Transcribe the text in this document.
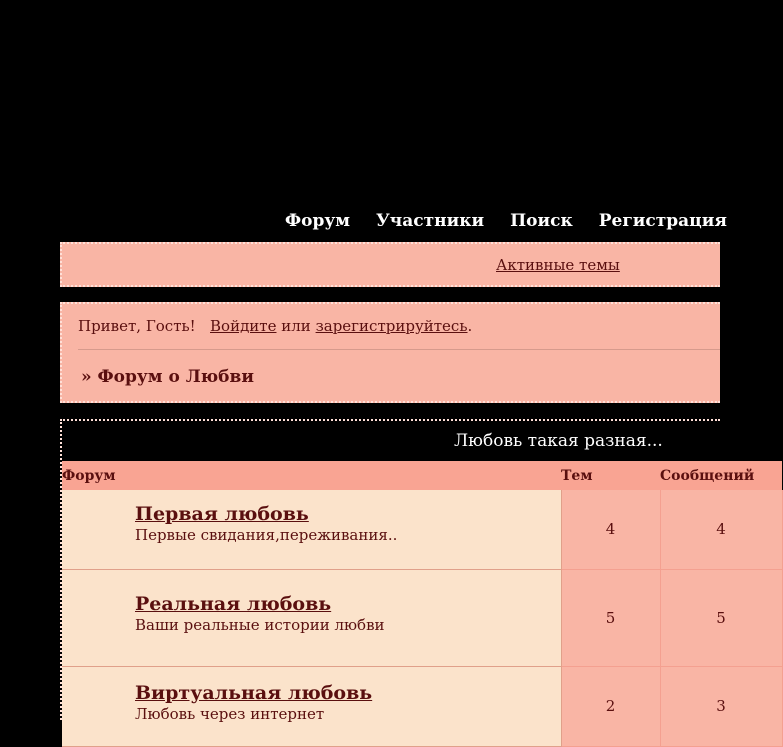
Форум Участники Поиск Регистрация
Активные темы
Привет, Гость! Войдите или зарегистрируйтесь.
» Форум о Любви
Любовь такая разная...
Форум	Тем	Сообщений

Первая любовь
Первые свидания,переживания..	4	4

Реальная любовь
Ваши реальные истории любви	5	5

Виртуальная любовь
Любовь через интернет	2	3
